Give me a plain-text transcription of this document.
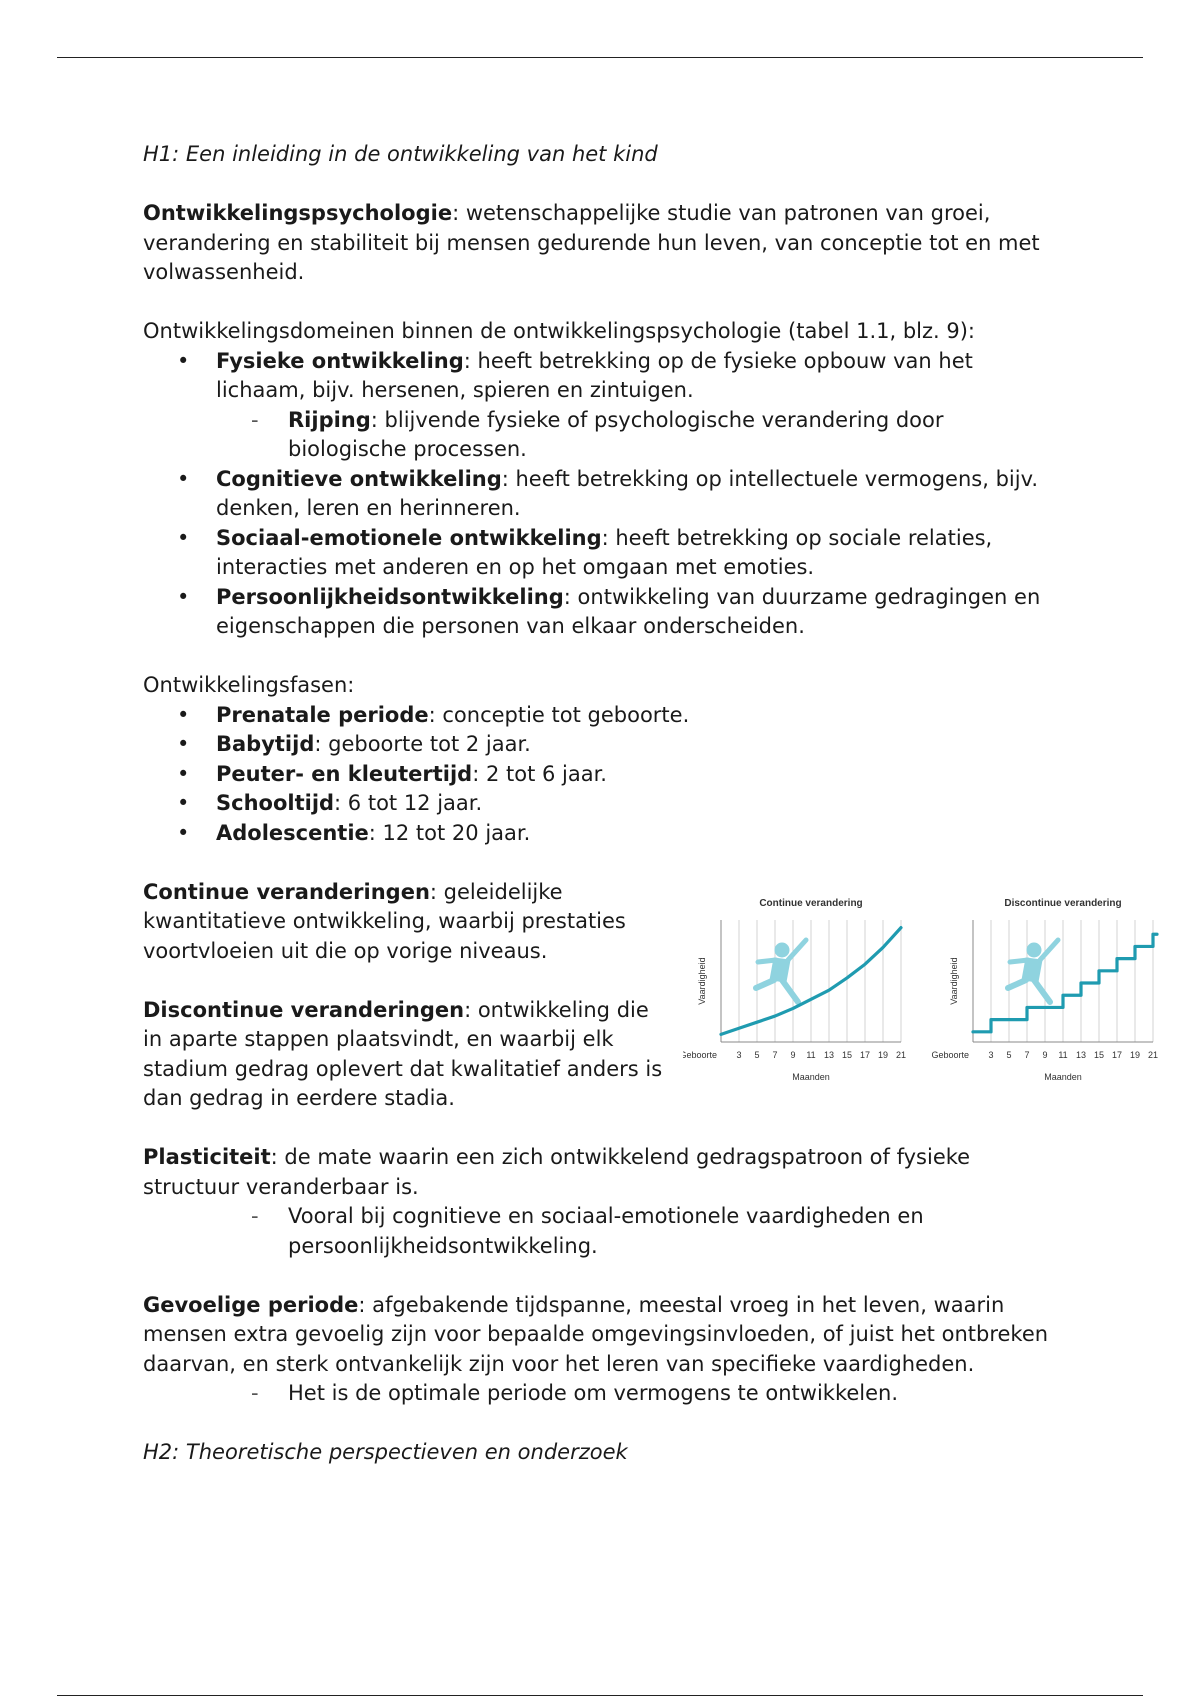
H1: Een inleiding in de ontwikkeling van het kind

Ontwikkelingspsychologie: wetenschappelijke studie van patronen van groei, verandering en stabiliteit bij mensen gedurende hun leven, van conceptie tot en met volwassenheid.

Ontwikkelingsdomeinen binnen de ontwikkelingspsychologie (tabel 1.1, blz. 9):

• Fysieke ontwikkeling: heeft betrekking op de fysieke opbouw van het lichaam, bijv. hersenen, spieren en zintuigen.
- Rijping: blijvende fysieke of psychologische verandering door biologische processen.
• Cognitieve ontwikkeling: heeft betrekking op intellectuele vermogens, bijv. denken, leren en herinneren.
• Sociaal-emotionele ontwikkeling: heeft betrekking op sociale relaties, interacties met anderen en op het omgaan met emoties.
• Persoonlijkheidsontwikkeling: ontwikkeling van duurzame gedragingen en eigenschappen die personen van elkaar onderscheiden.

Ontwikkelingsfasen:

• Prenatale periode: conceptie tot geboorte.
• Babytijd: geboorte tot 2 jaar.
• Peuter- en kleutertijd: 2 tot 6 jaar.
• Schooltijd: 6 tot 12 jaar.
• Adolescentie: 12 tot 20 jaar.

Continue veranderingen: geleidelijke kwantitatieve ontwikkeling, waarbij prestaties voortvloeien uit die op vorige niveaus.

Discontinue veranderingen: ontwikkeling die in aparte stappen plaatsvindt, en waarbij elk stadium gedrag oplevert dat kwalitatief anders is dan gedrag in eerdere stadia.

Continue verandering
Geboorte 3 5 7 9 11 13 15 17 19 21
Maanden
Vaardigheid
Discontinue verandering
Geboorte 3 5 7 9 11 13 15 17 19 21
Maanden
Vaardigheid

Plasticiteit: de mate waarin een zich ontwikkelend gedragspatroon of fysieke structuur veranderbaar is.

- Vooral bij cognitieve en sociaal-emotionele vaardigheden en persoonlijkheidsontwikkeling.

Gevoelige periode: afgebakende tijdspanne, meestal vroeg in het leven, waarin mensen extra gevoelig zijn voor bepaalde omgevingsinvloeden, of juist het ontbreken daarvan, en sterk ontvankelijk zijn voor het leren van specifieke vaardigheden.

- Het is de optimale periode om vermogens te ontwikkelen.

H2: Theoretische perspectieven en onderzoek
